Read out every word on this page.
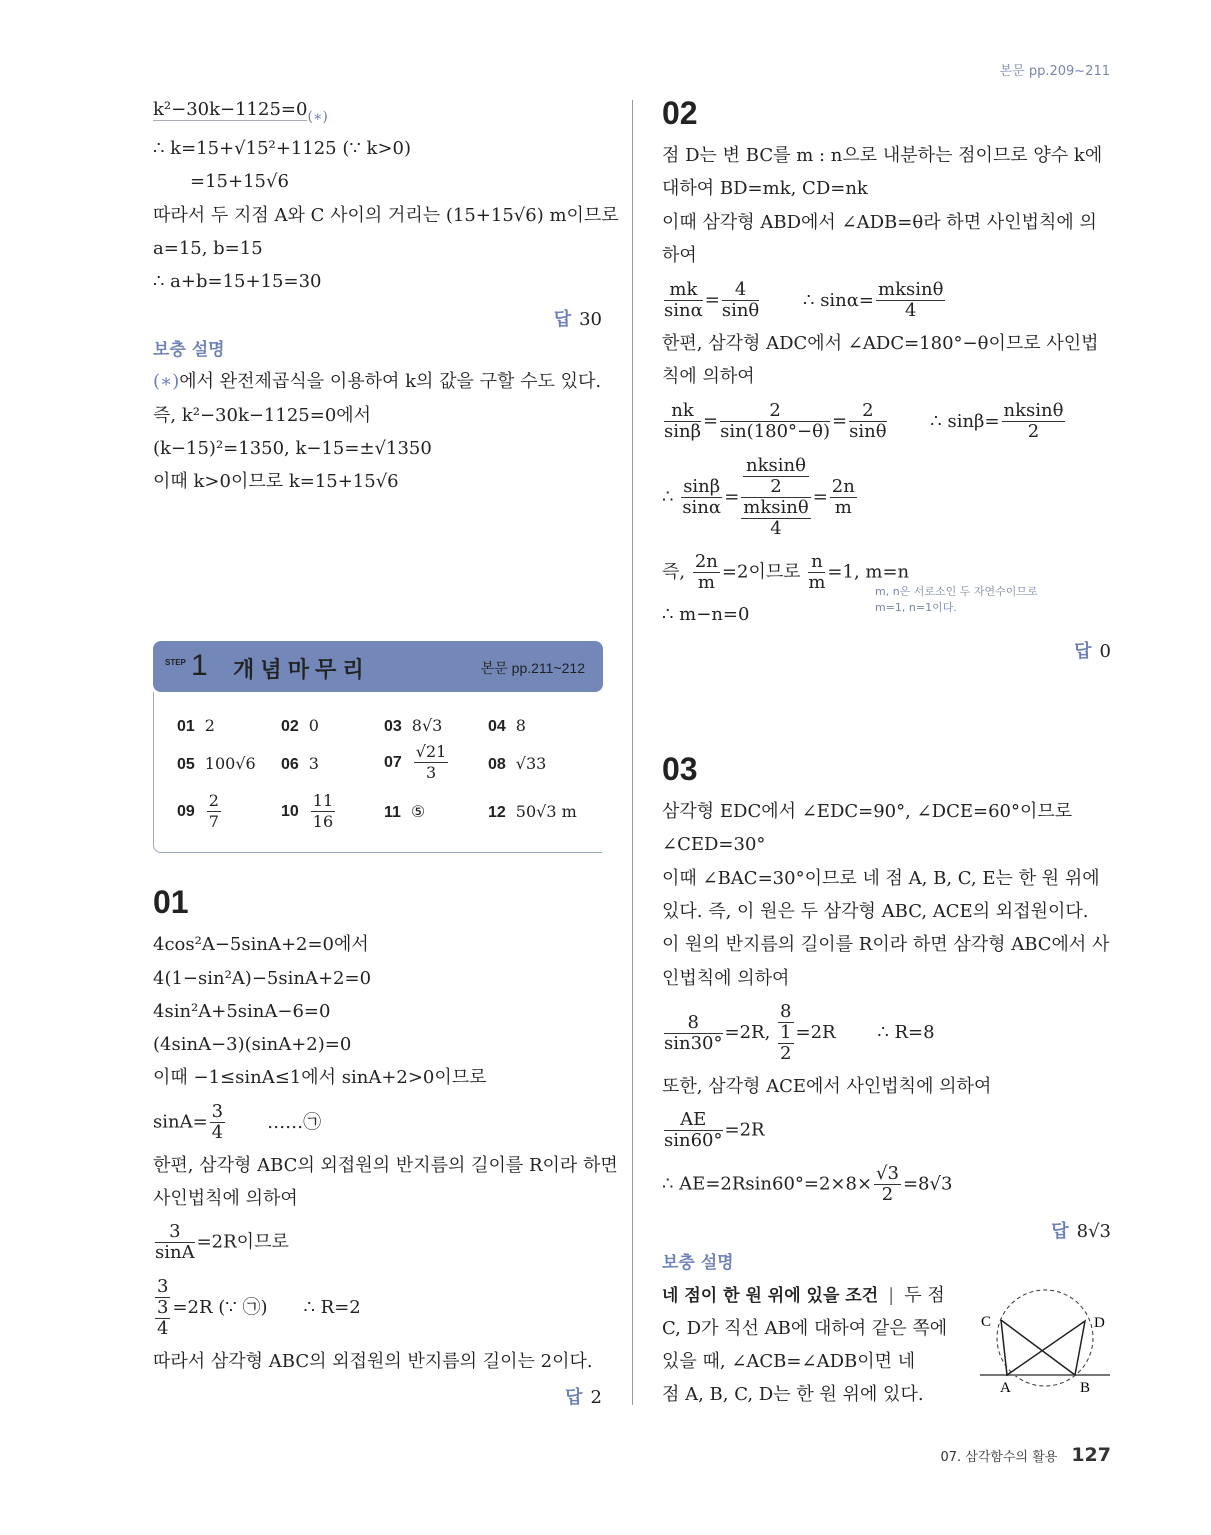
본문 pp.209~211
$k^2-30k-1125=0_{(∗)}$
∴ k=15+√15²+1125 (∵ k>0)
=15+15√6
따라서 두 지점 A와 C 사이의 거리는 (15+15√6) m이므로
a=15, b=15
∴ a+b=15+15=30
답 30
보충 설명
(∗)에서 완전제곱식을 이용하여 k의 값을 구할 수도 있다.
즉, k²−30k−1125=0에서
(k−15)²=1350, k−15=±√1350
이때 k>0이므로 k=15+15√6
STEP 1 개 념 마 무 리	본문 pp.211~212
01 2	02 0	03 8√3	04 8
05 100√6 06 3	$07 \frac{√21}{3} 08$ √33
$09 \frac{2}{7}$	$10 \frac{11}{16}$	11 ⑤	12 50√3 m
01
4cos²A−5sinA+2=0에서
4(1−sin²A)−5sinA+2=0
4sin²A+5sinA−6=0
(4sinA−3)(sinA+2)=0
이때 −1≤sinA≤1에서 sinA+2>0이므로
$\sin A= \frac{3}{4}$ ……㉠
한편, 삼각형 ABC의 외접원의 반지름의 길이를 R이라 하면
사인법칙에 의하여
$\frac{3}{\sin A} =2R$이므로
$\frac{3}{\frac{3}{4}} =2R$ (∵ ㉠) ∴ R=2
따라서 삼각형 ABC의 외접원의 반지름의 길이는 2이다.
답 2
02
점 D는 변 BC를 m : n으로 내분하는 점이므로 양수 k에
대하여 BD=mk, CD=nk
이때 삼각형 ABD에서 ∠ADB=θ라 하면 사인법칙에 의
하여
$\frac{mk}{\sin\alpha} = \frac{4}{\sin\theta}$ ∴ $\sin\alpha= \frac{mksin\theta}{4}$
한편, 삼각형 ADC에서 ∠ADC=180°−θ이므로 사인법
칙에 의하여
$\frac{nk}{\sin\beta} = \frac{2}{\sin(180^\circ-\theta)} = \frac{2}{\sin\theta}$ ∴ $\sin\beta= \frac{nksin\theta}{2}$
∴ $\frac{\sin\beta}{\sin\alpha} = \frac{\frac{nksin\theta}{2}}{\frac{mksin\theta}{4}} = \frac{2n}{m}$
즉, $\frac{2n}{m} =2$이므로 $\frac{n}{m} =1$, m=n
m, n은 서로소인 두 자연수이므로
m=1, n=1이다.
∴ m−n=0
답 0
03
삼각형 EDC에서 ∠EDC=90°, ∠DCE=60°이므로
∠CED=30°
이때 ∠BAC=30°이므로 네 점 A, B, C, E는 한 원 위에
있다. 즉, 이 원은 두 삼각형 ABC, ACE의 외접원이다.
이 원의 반지름의 길이를 R이라 하면 삼각형 ABC에서 사
인법칙에 의하여
$\frac{8}{\sin 30^\circ} =2R$, $\frac{8}{\frac{1}{2}} =2R$ ∴ R=8
또한, 삼각형 ACE에서 사인법칙에 의하여
$\frac{AE}{\sin 60^\circ} =2R$
∴ $AE=2Rsin60^\circ=2\times 8\times \frac{√3}{2} =8√3$
답 8√3
보충 설명
네 점이 한 원 위에 있을 조건 | 두 점
C, D가 직선 AB에 대하여 같은 쪽에
있을 때, ∠ACB=∠ADB이면 네
점 A, B, C, D는 한 원 위에 있다.
C	D
A	B
07. 삼각함수의 활용 127
